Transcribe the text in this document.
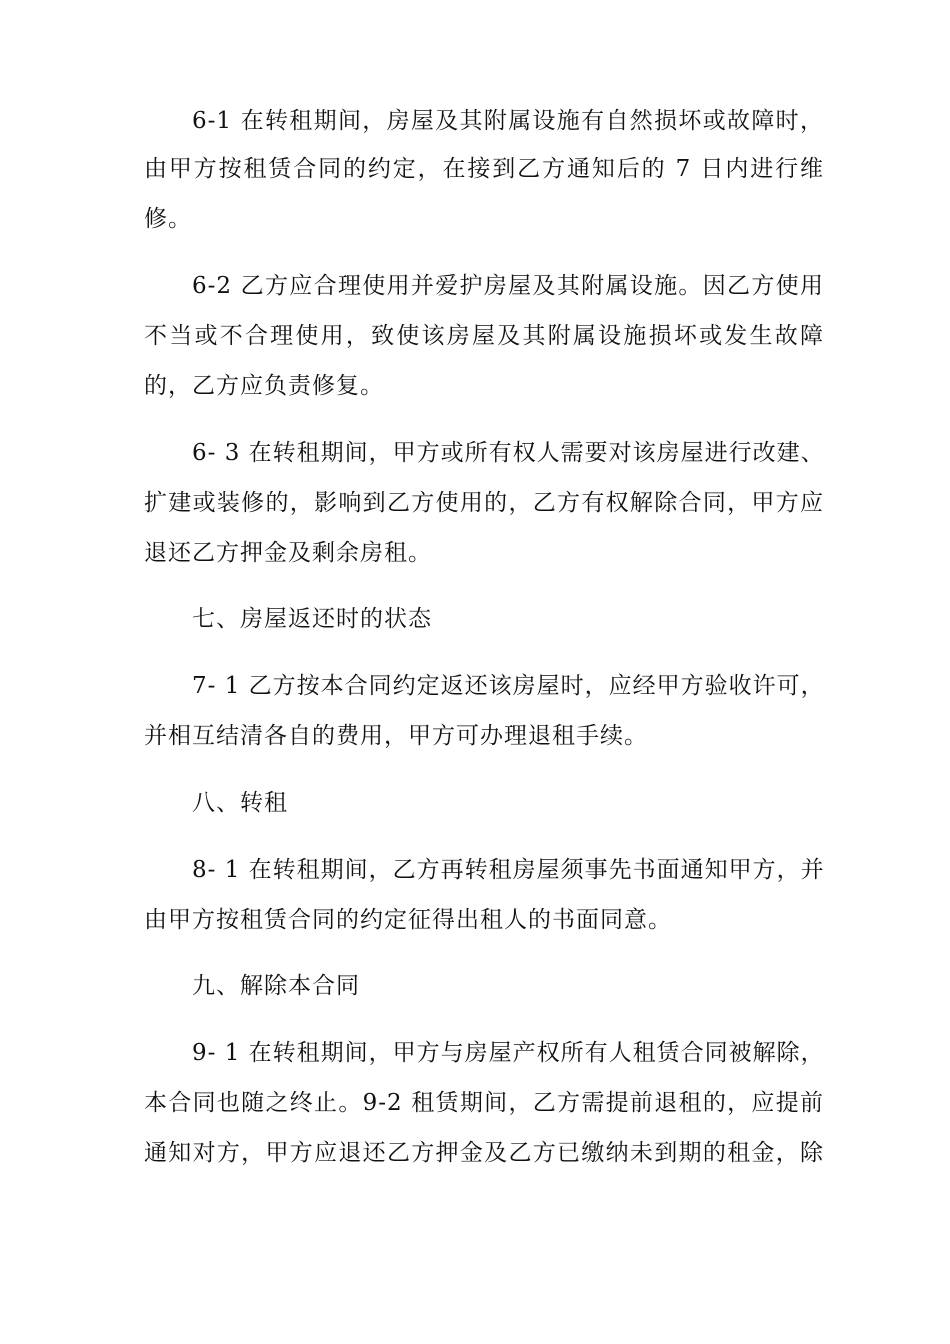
6-1 在转租期间，房屋及其附属设施有自然损坏或故障时，
由甲方按租赁合同的约定，在接到乙方通知后的 7 日内进行维
修。
6-2 乙方应合理使用并爱护房屋及其附属设施。因乙方使用
不当或不合理使用，致使该房屋及其附属设施损坏或发生故障
的，乙方应负责修复。
6- 3 在转租期间，甲方或所有权人需要对该房屋进行改建、
扩建或装修的，影响到乙方使用的，乙方有权解除合同，甲方应
退还乙方押金及剩余房租。
七、房屋返还时的状态
7- 1 乙方按本合同约定返还该房屋时，应经甲方验收许可，
并相互结清各自的费用，甲方可办理退租手续。
八、转租
8- 1 在转租期间，乙方再转租房屋须事先书面通知甲方，并
由甲方按租赁合同的约定征得出租人的书面同意。
九、解除本合同
9- 1 在转租期间，甲方与房屋产权所有人租赁合同被解除，
本合同也随之终止。9-2 租赁期间，乙方需提前退租的，应提前
通知对方，甲方应退还乙方押金及乙方已缴纳未到期的租金，除
